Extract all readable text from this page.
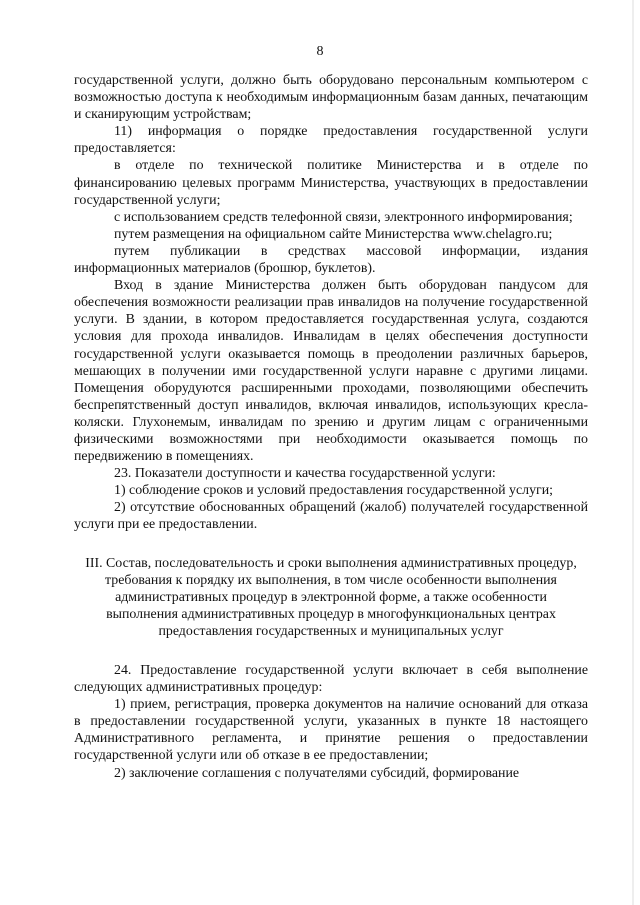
8

государственной услуги, должно быть оборудовано персональным компьютером с возможностью доступа к необходимым информационным базам данных, печатающим и сканирующим устройствам;

11) информация о порядке предоставления государственной услуги предоставляется:

в отделе по технической политике Министерства и в отделе по финансированию целевых программ Министерства, участвующих в предоставлении государственной услуги;

с использованием средств телефонной связи, электронного информирования;

путем размещения на официальном сайте Министерства www.chelagro.ru;

путем публикации в средствах массовой информации, издания информационных материалов (брошюр, буклетов).

Вход в здание Министерства должен быть оборудован пандусом для обеспечения возможности реализации прав инвалидов на получение государственной услуги. В здании, в котором предоставляется государственная услуга, создаются условия для прохода инвалидов. Инвалидам в целях обеспечения доступности государственной услуги оказывается помощь в преодолении различных барьеров, мешающих в получении ими государственной услуги наравне с другими лицами. Помещения оборудуются расширенными проходами, позволяющими обеспечить беспрепятственный доступ инвалидов, включая инвалидов, использующих кресла-коляски. Глухонемым, инвалидам по зрению и другим лицам с ограниченными физическими возможностями при необходимости оказывается помощь по передвижению в помещениях.

23. Показатели доступности и качества государственной услуги:

1) соблюдение сроков и условий предоставления государственной услуги;

2) отсутствие обоснованных обращений (жалоб) получателей государственной услуги при ее предоставлении.

III. Состав, последовательность и сроки выполнения административных процедур, требования к порядку их выполнения, в том числе особенности выполнения административных процедур в электронной форме, а также особенности выполнения административных процедур в многофункциональных центрах предоставления государственных и муниципальных услуг

24. Предоставление государственной услуги включает в себя выполнение следующих административных процедур:

1) прием, регистрация, проверка документов на наличие оснований для отказа в предоставлении государственной услуги, указанных в пункте 18 настоящего Административного регламента, и принятие решения о предоставлении государственной услуги или об отказе в ее предоставлении;

2) заключение соглашения с получателями субсидий, формирование
